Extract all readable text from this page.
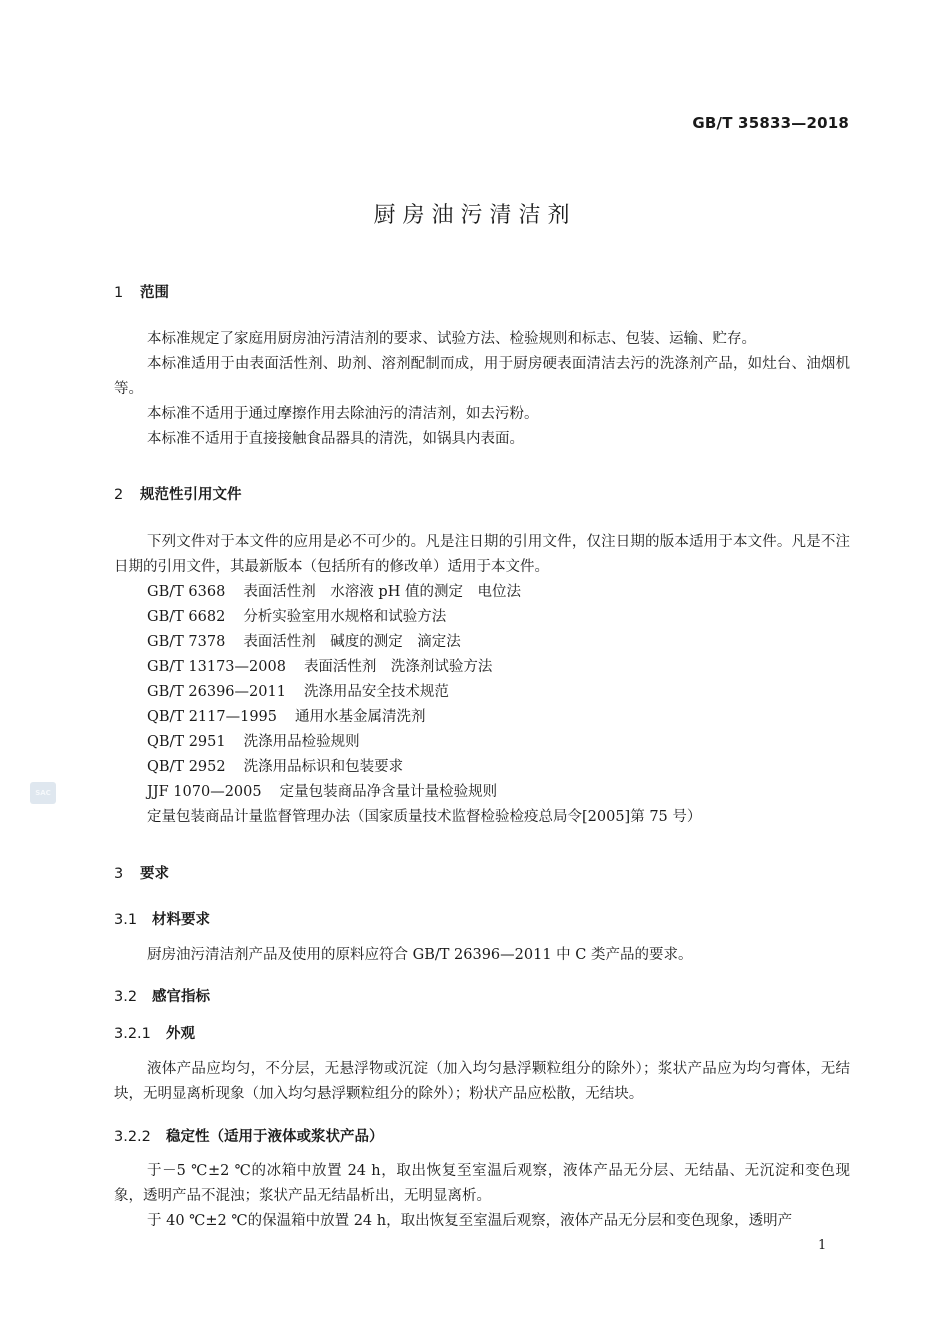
GB/T 35833—2018
厨房油污清洁剂
1 范围
本标准规定了家庭用厨房油污清洁剂的要求、试验方法、检验规则和标志、包装、运输、贮存。
本标准适用于由表面活性剂、助剂、溶剂配制而成，用于厨房硬表面清洁去污的洗涤剂产品，如灶台、油烟机等。
本标准不适用于通过摩擦作用去除油污的清洁剂，如去污粉。
本标准不适用于直接接触食品器具的清洗，如锅具内表面。
2 规范性引用文件
下列文件对于本文件的应用是必不可少的。凡是注日期的引用文件，仅注日期的版本适用于本文件。凡是不注日期的引用文件，其最新版本（包括所有的修改单）适用于本文件。
GB/T 6368 表面活性剂　水溶液 pH 值的测定　电位法
GB/T 6682 分析实验室用水规格和试验方法
GB/T 7378 表面活性剂　碱度的测定　滴定法
GB/T 13173—2008 表面活性剂　洗涤剂试验方法
GB/T 26396—2011 洗涤用品安全技术规范
QB/T 2117—1995 通用水基金属清洗剂
QB/T 2951 洗涤用品检验规则
QB/T 2952 洗涤用品标识和包装要求
JJF 1070—2005 定量包装商品净含量计量检验规则
定量包装商品计量监督管理办法（国家质量技术监督检验检疫总局令[2005]第 75 号）
3 要求
3.1 材料要求
厨房油污清洁剂产品及使用的原料应符合 GB/T 26396—2011 中 C 类产品的要求。
3.2 感官指标
3.2.1 外观
液体产品应均匀，不分层，无悬浮物或沉淀（加入均匀悬浮颗粒组分的除外）；浆状产品应为均匀膏体，无结块，无明显离析现象（加入均匀悬浮颗粒组分的除外）；粉状产品应松散，无结块。
3.2.2 稳定性（适用于液体或浆状产品）
于－5 ℃±2 ℃的冰箱中放置 24 h，取出恢复至室温后观察，液体产品无分层、无结晶、无沉淀和变色现象，透明产品不混浊；浆状产品无结晶析出，无明显离析。
于 40 ℃±2 ℃的保温箱中放置 24 h，取出恢复至室温后观察，液体产品无分层和变色现象，透明产
1
SAC
